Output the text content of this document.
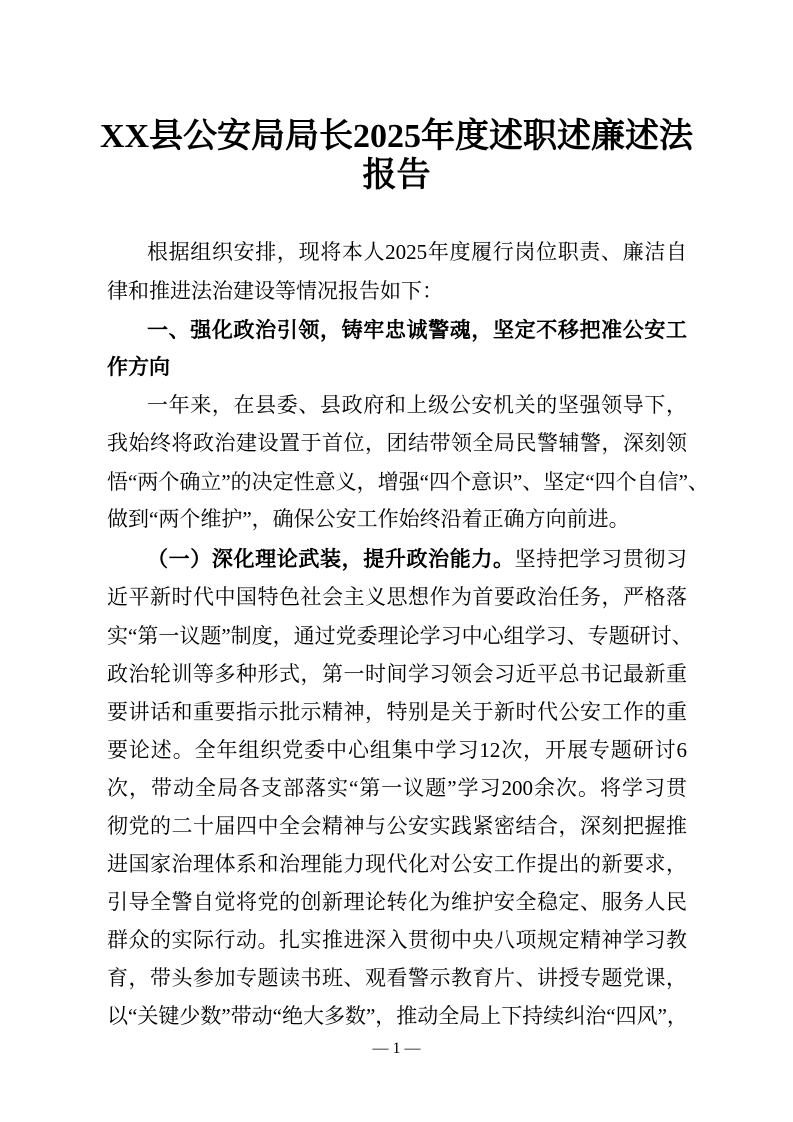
XX县公安局局长2025年度述职述廉述法
报告
根据组织安排，现将本人2025年度履行岗位职责、廉洁自
律和推进法治建设等情况报告如下：
一、强化政治引领，铸牢忠诚警魂，坚定不移把准公安工
作方向
一年来，在县委、县政府和上级公安机关的坚强领导下，
我始终将政治建设置于首位，团结带领全局民警辅警，深刻领
悟“两个确立”的决定性意义，增强“四个意识”、坚定“四个自信”、
做到“两个维护”，确保公安工作始终沿着正确方向前进。
（一）深化理论武装，提升政治能力。坚持把学习贯彻习
近平新时代中国特色社会主义思想作为首要政治任务，严格落
实“第一议题”制度，通过党委理论学习中心组学习、专题研讨、
政治轮训等多种形式，第一时间学习领会习近平总书记最新重
要讲话和重要指示批示精神，特别是关于新时代公安工作的重
要论述。全年组织党委中心组集中学习12次，开展专题研讨6
次，带动全局各支部落实“第一议题”学习200余次。将学习贯
彻党的二十届四中全会精神与公安实践紧密结合，深刻把握推
进国家治理体系和治理能力现代化对公安工作提出的新要求，
引导全警自觉将党的创新理论转化为维护安全稳定、服务人民
群众的实际行动。扎实推进深入贯彻中央八项规定精神学习教
育，带头参加专题读书班、观看警示教育片、讲授专题党课，
以“关键少数”带动“绝大多数”，推动全局上下持续纠治“四风”，
— 1 —
